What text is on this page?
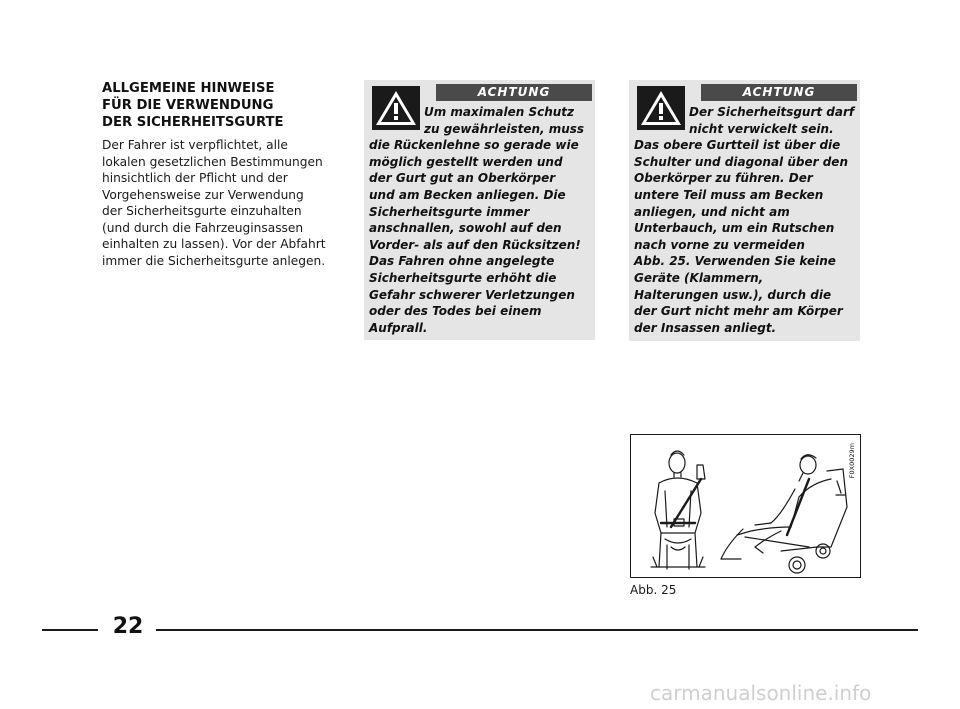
ALLGEMEINE HINWEISE
FÜR DIE VERWENDUNG
DER SICHERHEITSGURTE

Der Fahrer ist verpflichtet, alle
lokalen gesetzlichen Bestimmungen
hinsichtlich der Pflicht und der
Vorgehensweise zur Verwendung
der Sicherheitsgurte einzuhalten
(und durch die Fahrzeuginsassen
einhalten zu lassen). Vor der Abfahrt
immer die Sicherheitsgurte anlegen.

ACHTUNG

Um maximalen Schutz
zu gewährleisten, muss
die Rückenlehne so gerade wie
möglich gestellt werden und
der Gurt gut an Oberkörper
und am Becken anliegen. Die
Sicherheitsgurte immer
anschnallen, sowohl auf den
Vorder- als auf den Rücksitzen!
Das Fahren ohne angelegte
Sicherheitsgurte erhöht die
Gefahr schwerer Verletzungen
oder des Todes bei einem
Aufprall.

ACHTUNG

Der Sicherheitsgurt darf
nicht verwickelt sein.
Das obere Gurtteil ist über die
Schulter und diagonal über den
Oberkörper zu führen. Der
untere Teil muss am Becken
anliegen, und nicht am
Unterbauch, um ein Rutschen
nach vorne zu vermeiden
Abb. 25. Verwenden Sie keine
Geräte (Klammern,
Halterungen usw.), durch die
der Gurt nicht mehr am Körper
der Insassen anliegt.

F0X0029m
Abb. 25
22
carmanualsonline.info
